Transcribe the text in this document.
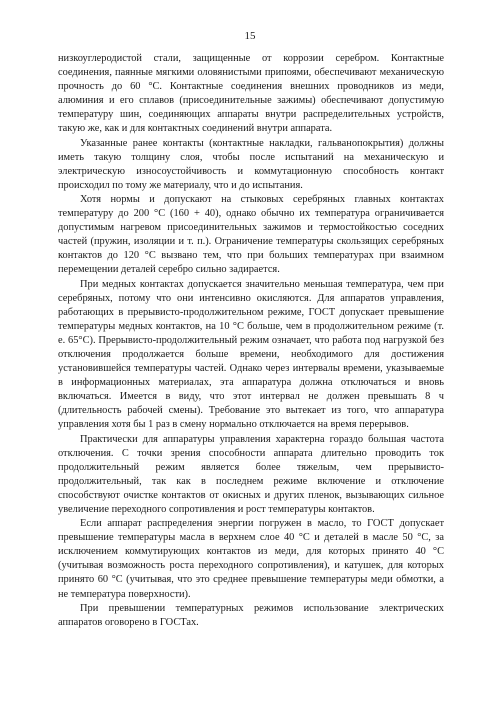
15

низкоуглеродистой стали, защищенные от коррозии серебром. Контактные соединения, паянные мягкими оловянистыми припоями, обеспечивают механическую прочность до 60 °С. Контактные соединения внешних проводников из меди, алюминия и его сплавов (присоединительные зажимы) обеспечивают допустимую температуру шин, соединяющих аппараты внутри распределительных устройств, такую же, как и для контактных соединений внутри аппарата.

Указанные ранее контакты (контактные накладки, гальванопокрытия) должны иметь такую толщину слоя, чтобы после испытаний на механическую и электрическую износоустойчивость и коммутационную способность контакт происходил по тому же материалу, что и до испытания.

Хотя нормы и допускают на стыковых серебряных главных контактах температуру до 200 °С (160 + 40), однако обычно их температура ограничивается допустимым нагревом присоединительных зажимов и термостойкостью соседних частей (пружин, изоляции и т. п.). Ограничение температуры скользящих серебряных контактов до 120 °С вызвано тем, что при больших температурах при взаимном перемещении деталей серебро сильно задирается.

При медных контактах допускается значительно меньшая температура, чем при серебряных, потому что они интенсивно окисляются. Для аппаратов управления, работающих в прерывисто-продолжительном режиме, ГОСТ допускает превышение температуры медных контактов, на 10 °С больше, чем в продолжительном режиме (т. е. 65°С). Прерывисто-продолжительный режим означает, что работа под нагрузкой без отключения продолжается больше времени, необходимого для достижения установившейся температуры частей. Однако через интервалы времени, указываемые в информационных материалах, эта аппаратура должна отключаться и вновь включаться. Имеется в виду, что этот интервал не должен превышать 8 ч (длительность рабочей смены). Требование это вытекает из того, что аппаратура управления хотя бы 1 раз в смену нормально отключается на время перерывов.

Практически для аппаратуры управления характерна гораздо большая частота отключения. С точки зрения способности аппарата длительно проводить ток продолжительный режим является более тяжелым, чем прерывисто-продолжительный, так как в последнем режиме включение и отключение способствуют очистке контактов от окисных и других пленок, вызывающих сильное увеличение переходного сопротивления и рост температуры контактов.

Если аппарат распределения энергии погружен в масло, то ГОСТ допускает превышение температуры масла в верхнем слое 40 °С и деталей в масле 50 °С, за исключением коммутирующих контактов из меди, для которых принято 40 °С (учитывая возможность роста переходного сопротивления), и катушек, для которых принято 60 °С (учитывая, что это среднее превышение температуры меди обмотки, а не температура поверхности).

При превышении температурных режимов использование электрических аппаратов оговорено в ГОСТах.
